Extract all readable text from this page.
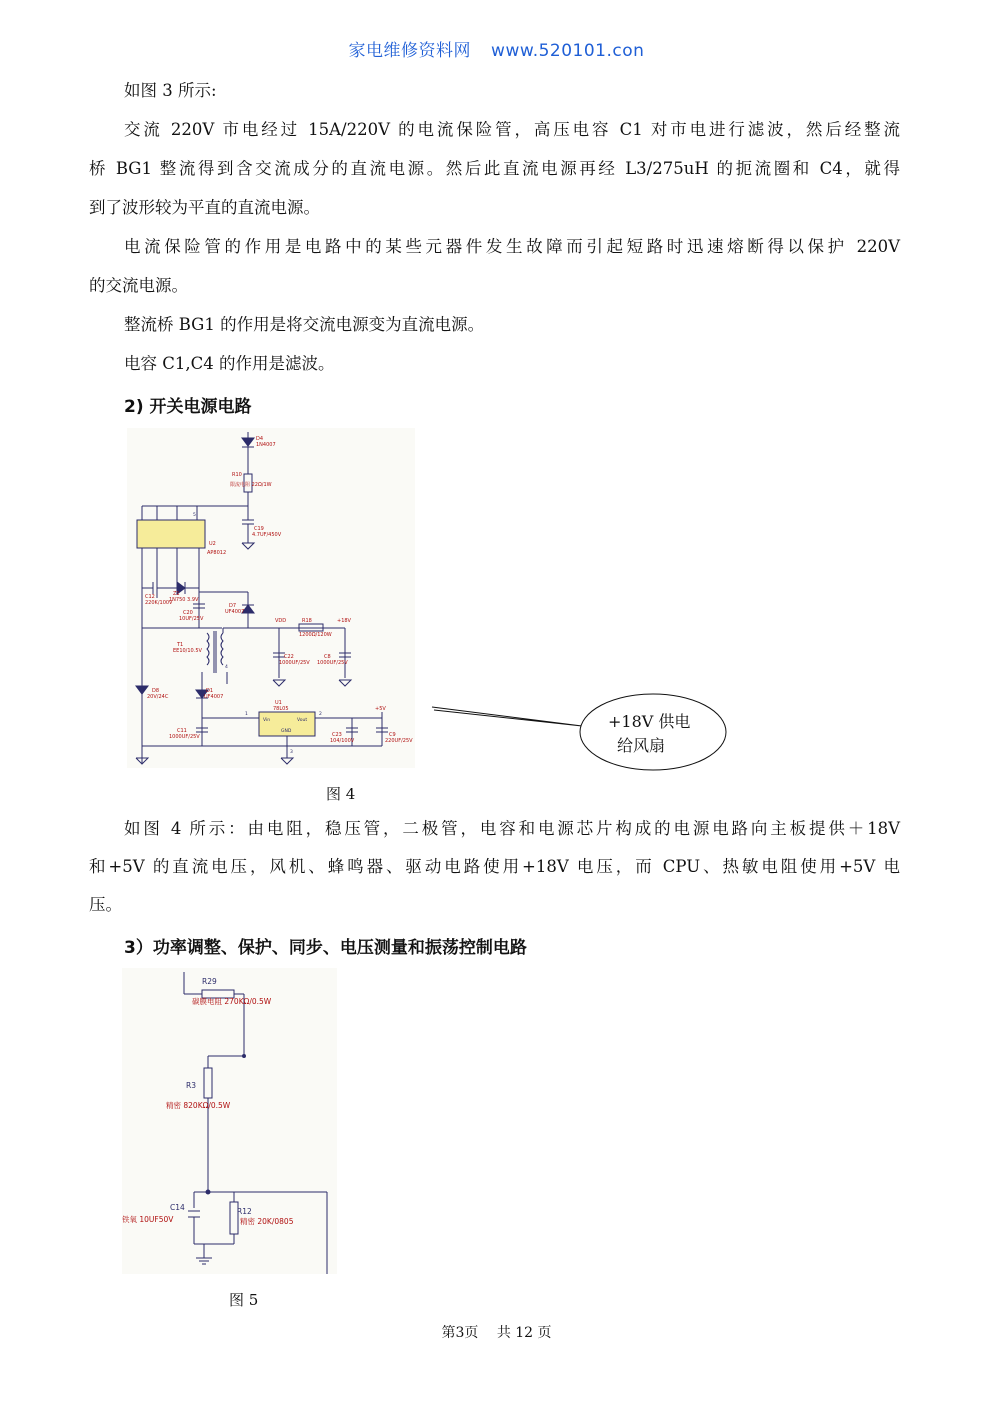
家电维修资料网 www.520101.con
如图 3 所示:
交流 220V 市电经过 15A/220V 的电流保险管，高压电容 C1 对市电进行滤波，然后经整流
桥 BG1 整流得到含交流成分的直流电源。然后此直流电源再经 L3/275uH 的扼流圈和 C4，就得
到了波形较为平直的直流电源。
电流保险管的作用是电路中的某些元器件发生故障而引起短路时迅速熔断得以保护 220V
的交流电源。
整流桥 BG1 的作用是将交流电源变为直流电源。
电容 C1,C4 的作用是滤波。
2) 开关电源电路
D4
1N4007
R10
限流电阻 22Ω/1W
C19
4.7UF/450V
U2
AP8012
C12
220K/100V
Z1
1N750 3.9V
C20
10UF/25V
D7
UF4007
VDD	R18
1200Ω/120W
+18V
T1
EE10/10.5V
C22
1000UF/25V
C8
1000UF/25V
D8
20V/24C
D1
UF4007
U1
78L05	+5V
C11
1000UF/25V	C23
104/100V
C9
220UF/25V
Vin	Vout
GND
1	2
3
4
5
+18V 供电
给风扇
图 4
如图 4 所示：由电阻，稳压管，二极管，电容和电源芯片构成的电源电路向主板提供＋18V
和+5V 的直流电压，风机、蜂鸣器、驱动电路使用+18V 电压，而 CPU、热敏电阻使用+5V 电
压。
3）功率调整、保护、同步、电压测量和振荡控制电路
R29
R3
C14	R12
碳膜电阻 270KΩ/0.5W
精密 820KΩ/0.5W
铁氧 10UF50V	精密 20K/0805
图 5
第3页 共 12 页
